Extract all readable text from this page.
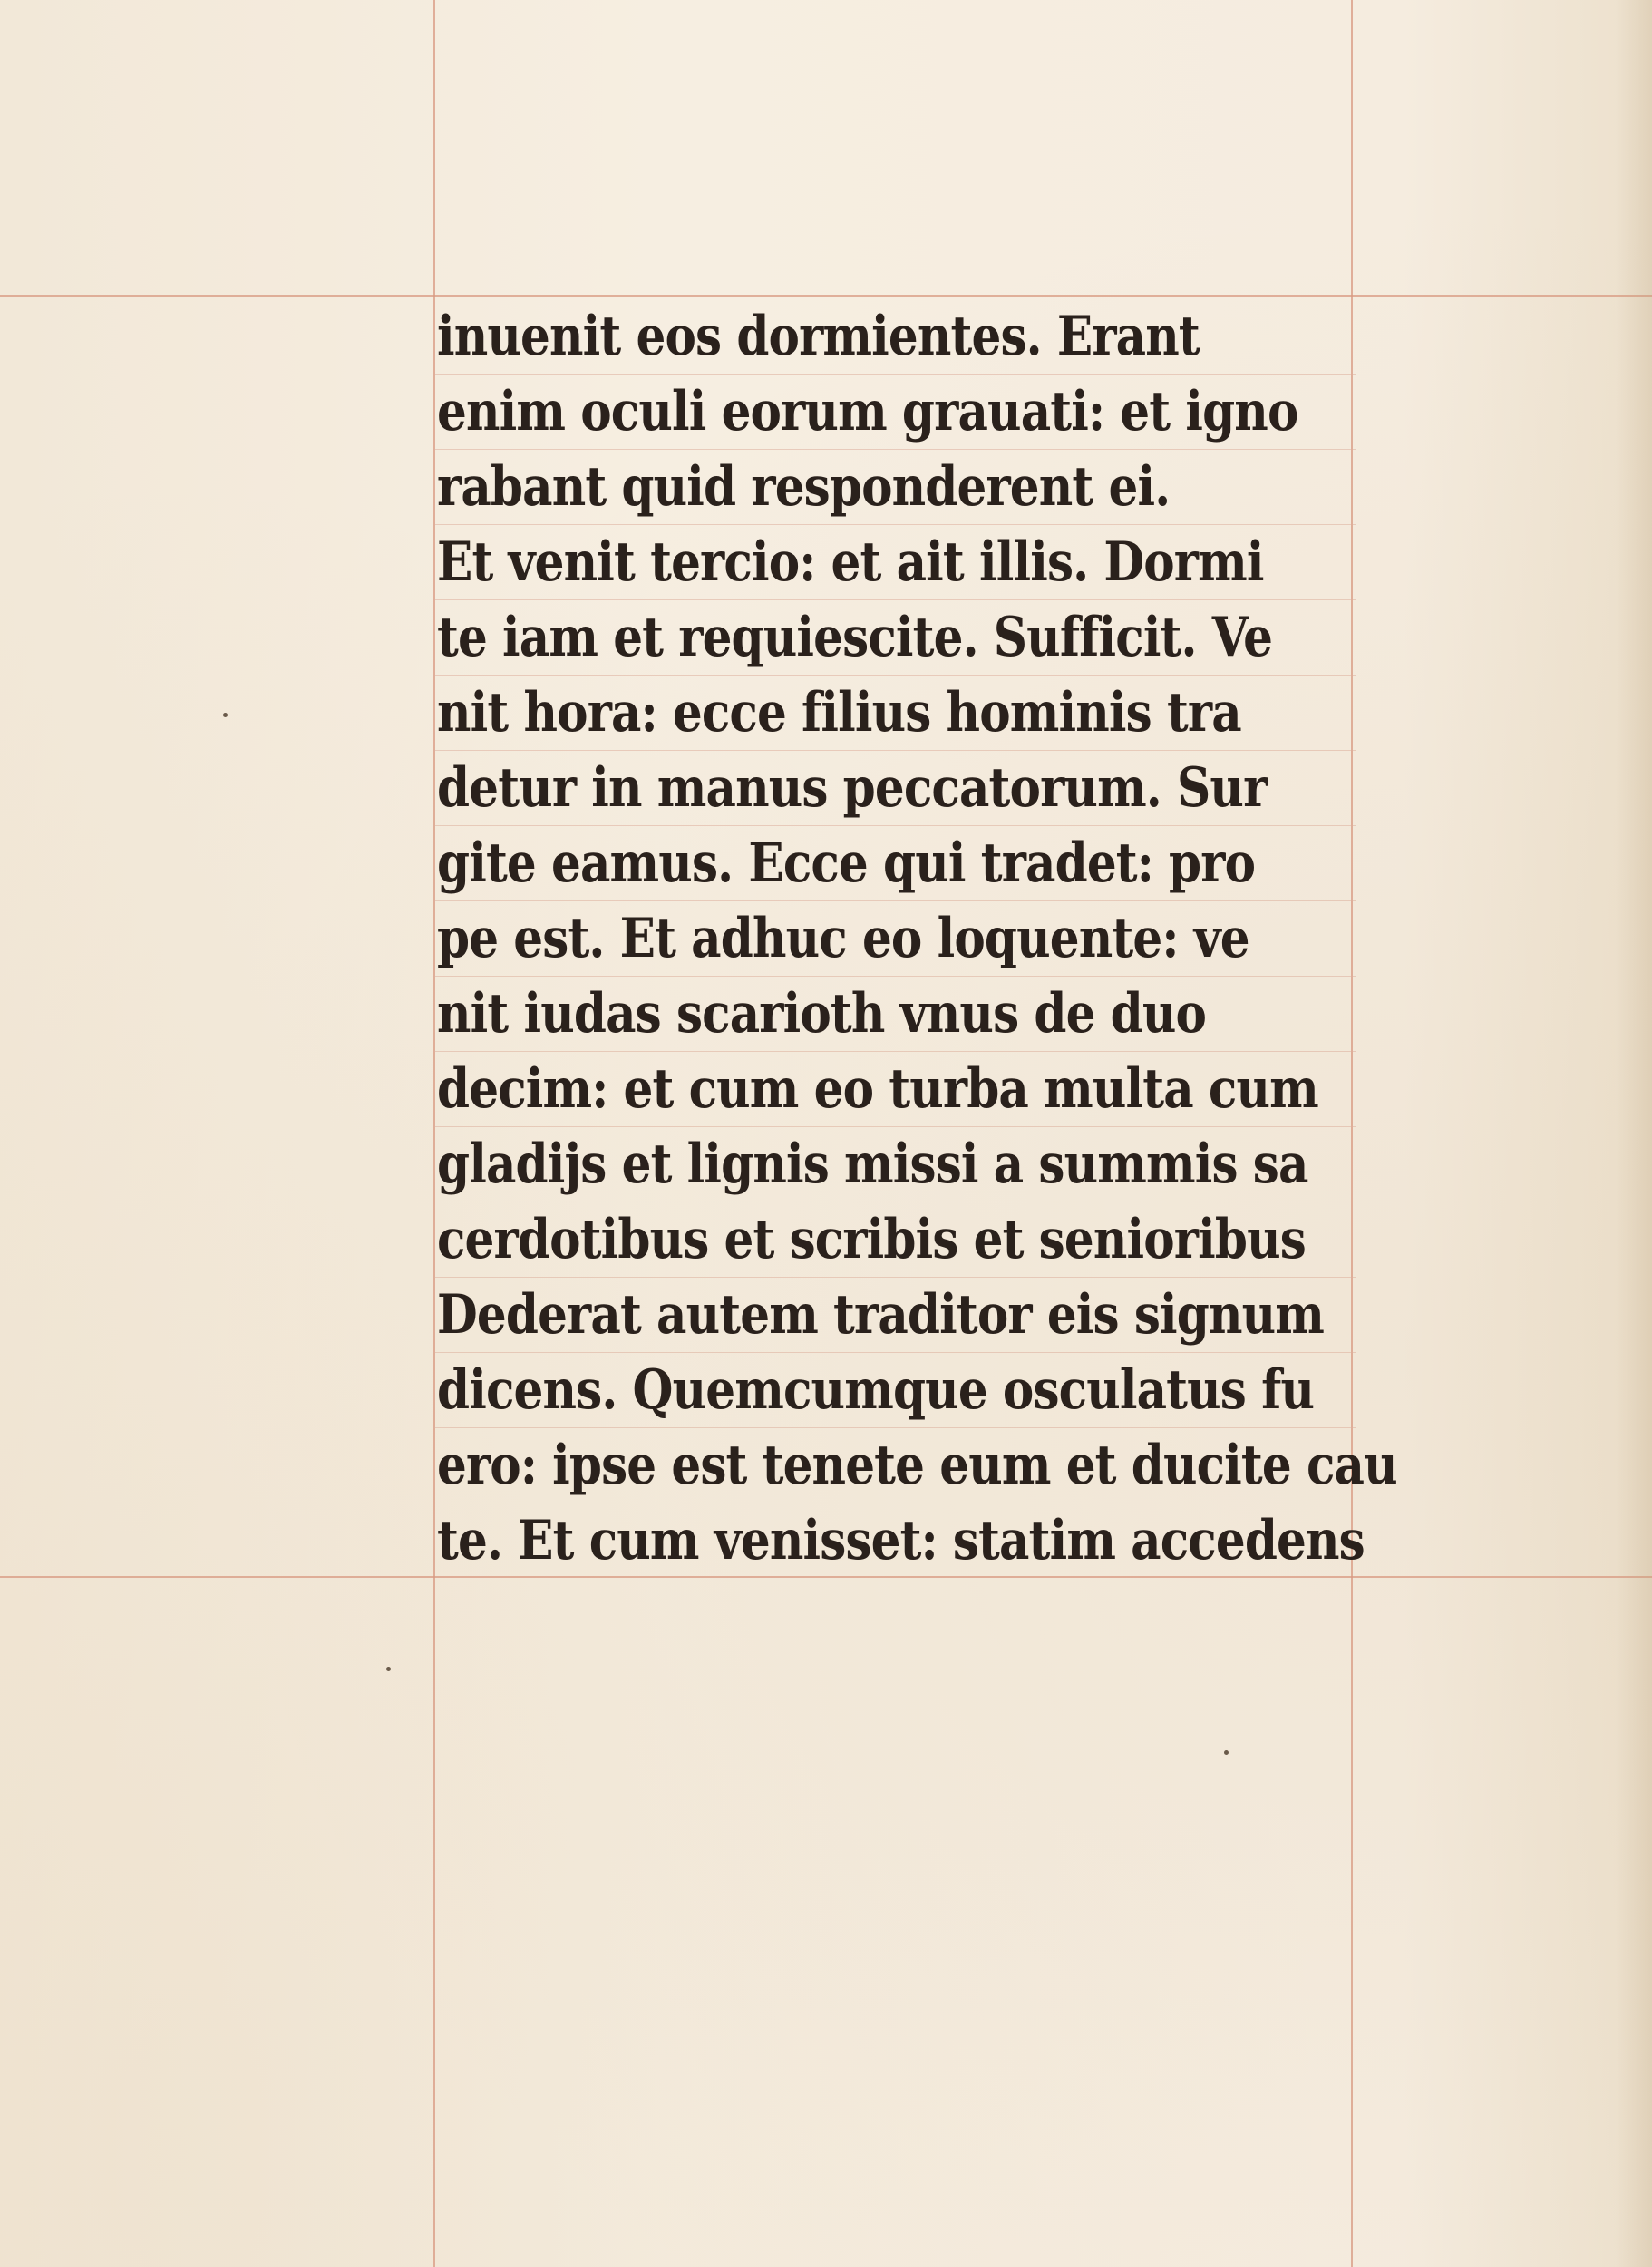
inuenit eos dormientes. Erant
enim oculi eorum grauati: et igno
rabant quid responderent ei.
Et venit tercio: et ait illis. Dormi
te iam et requiescite. Sufficit. Ve
nit hora: ecce filius hominis tra
detur in manus peccatorum. Sur
gite eamus. Ecce qui tradet: pro
pe est. Et adhuc eo loquente: ve
nit iudas scarioth vnus de duo
decim: et cum eo turba multa cum
gladijs et lignis missi a summis sa
cerdotibus et scribis et senioribus
Dederat autem traditor eis signum
dicens. Quemcumque osculatus fu
ero: ipse est tenete eum et ducite cau
te. Et cum venisset: statim accedens
